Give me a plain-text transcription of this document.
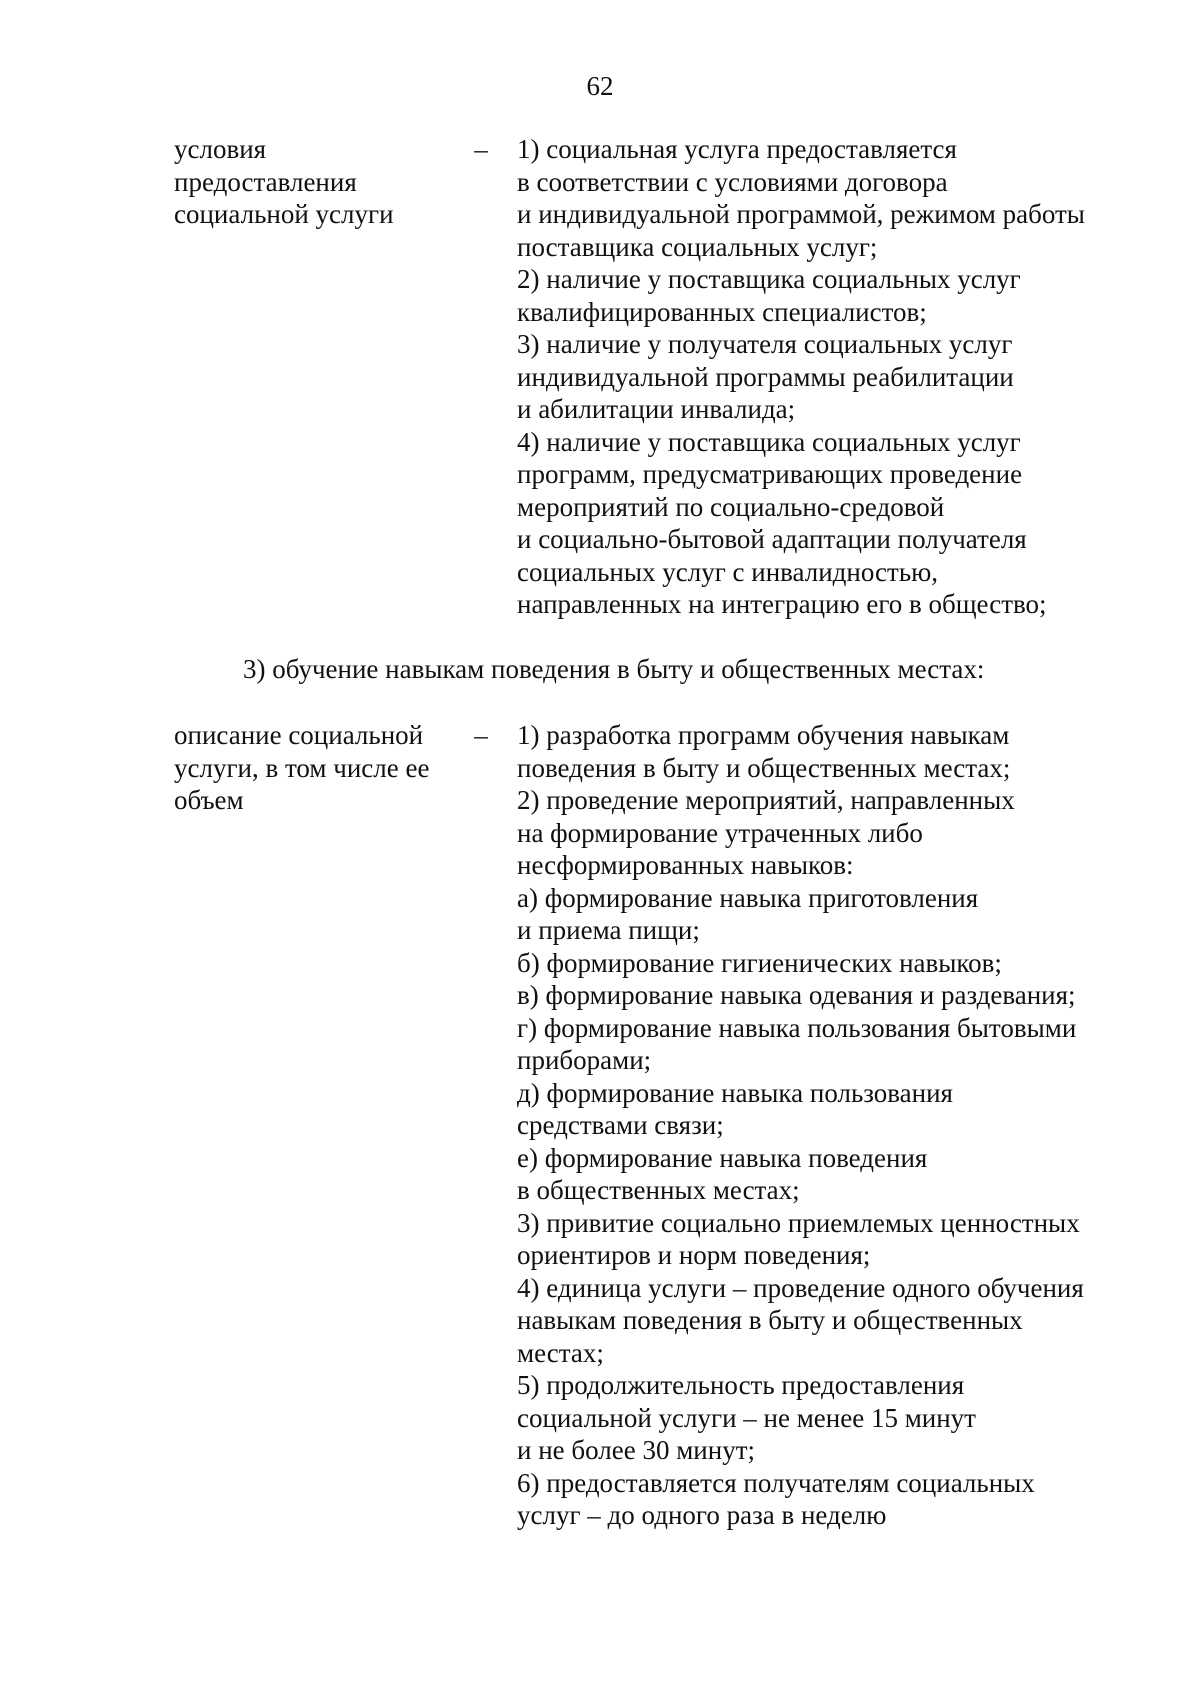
62
условия
предоставления
социальной услуги
–	1) социальная услуга предоставляется
в соответствии с условиями договора
и индивидуальной программой, режимом работы
поставщика социальных услуг;
2) наличие у поставщика социальных услуг
квалифицированных специалистов;
3) наличие у получателя социальных услуг
индивидуальной программы реабилитации
и абилитации инвалида;
4) наличие у поставщика социальных услуг
программ, предусматривающих проведение
мероприятий по социально-средовой
и социально-бытовой адаптации получателя
социальных услуг с инвалидностью,
направленных на интеграцию его в общество;
3) обучение навыкам поведения в быту и общественных местах:
описание социальной
услуги, в том числе ее
объем
–	1) разработка программ обучения навыкам
поведения в быту и общественных местах;
2) проведение мероприятий, направленных
на формирование утраченных либо
несформированных навыков:
а) формирование навыка приготовления
и приема пищи;
б) формирование гигиенических навыков;
в) формирование навыка одевания и раздевания;
г) формирование навыка пользования бытовыми
приборами;
д) формирование навыка пользования
средствами связи;
е) формирование навыка поведения
в общественных местах;
3) привитие социально приемлемых ценностных
ориентиров и норм поведения;
4) единица услуги – проведение одного обучения
навыкам поведения в быту и общественных
местах;
5) продолжительность предоставления
социальной услуги – не менее 15 минут
и не более 30 минут;
6) предоставляется получателям социальных
услуг – до одного раза в неделю
